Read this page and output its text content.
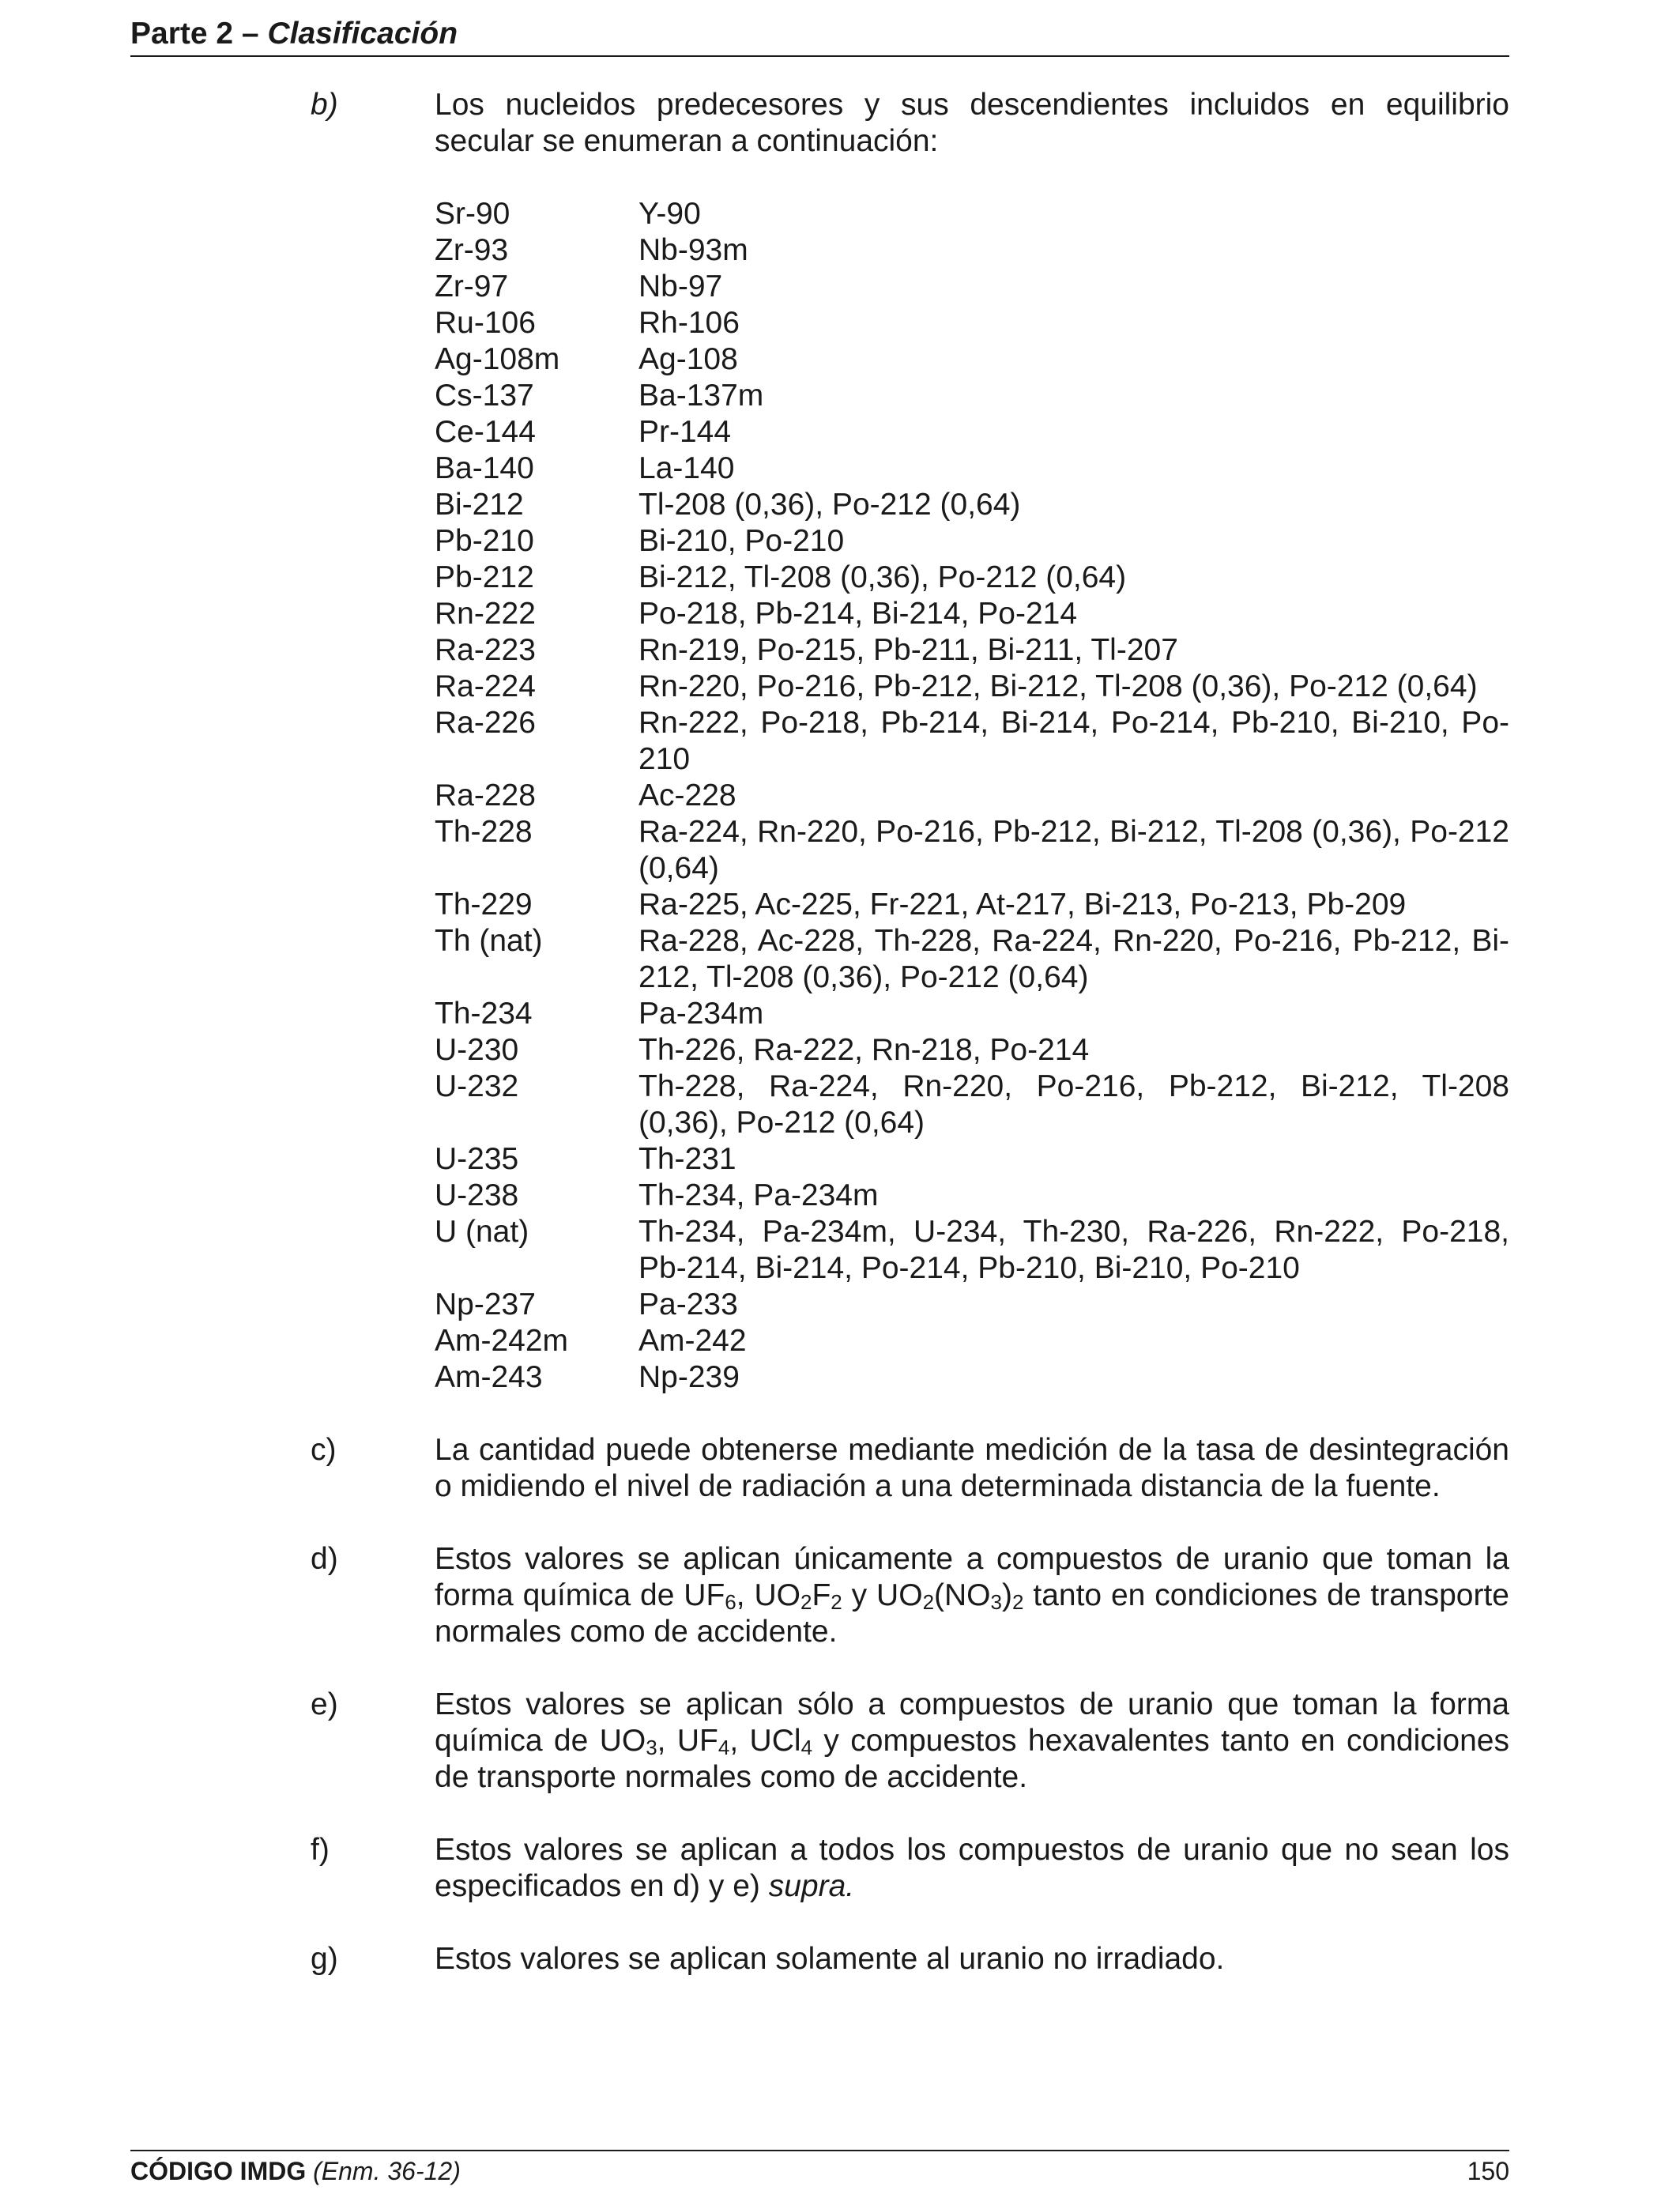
Parte 2 – Clasificación
b)	Los nucleidos predecesores y sus descendientes incluidos en equilibrio secular se enumeran a continuación:
Sr-90	Y-90
Zr-93	Nb-93m
Zr-97	Nb-97
Ru-106	Rh-106
Ag-108m	Ag-108
Cs-137	Ba-137m
Ce-144	Pr-144
Ba-140	La-140
Bi-212	Tl-208 (0,36), Po-212 (0,64)
Pb-210	Bi-210, Po-210
Pb-212	Bi-212, Tl-208 (0,36), Po-212 (0,64)
Rn-222	Po-218, Pb-214, Bi-214, Po-214
Ra-223	Rn-219, Po-215, Pb-211, Bi-211, Tl-207
Ra-224	Rn-220, Po-216, Pb-212, Bi-212, Tl-208 (0,36), Po-212 (0,64)
Ra-226	Rn-222, Po-218, Pb-214, Bi-214, Po-214, Pb-210, Bi-210, Po-210
Ra-228	Ac-228
Th-228	Ra-224, Rn-220, Po-216, Pb-212, Bi-212, Tl-208 (0,36), Po-212 (0,64)
Th-229	Ra-225, Ac-225, Fr-221, At-217, Bi-213, Po-213, Pb-209
Th (nat)	Ra-228, Ac-228, Th-228, Ra-224, Rn-220, Po-216, Pb-212, Bi-212, Tl-208 (0,36), Po-212 (0,64)
Th-234	Pa-234m
U-230	Th-226, Ra-222, Rn-218, Po-214
U-232	Th-228, Ra-224, Rn-220, Po-216, Pb-212, Bi-212, Tl-208 (0,36), Po-212 (0,64)
U-235	Th-231
U-238	Th-234, Pa-234m
U (nat)	Th-234, Pa-234m, U-234, Th-230, Ra-226, Rn-222, Po-218, Pb-214, Bi-214, Po-214, Pb-210, Bi-210, Po-210
Np-237	Pa-233
Am-242m Am-242
Am-243	Np-239
c)	La cantidad puede obtenerse mediante medición de la tasa de desintegración o midiendo el nivel de radiación a una determinada distancia de la fuente.
d)	Estos valores se aplican únicamente a compuestos de uranio que toman la forma química de $UF_6$, $UO_2F_2$ y $UO_2(NO_3)_2$ tanto en condiciones de transporte normales como de accidente.
e)	Estos valores se aplican sólo a compuestos de uranio que toman la forma química de $UO_3$, $UF_4$, UCl$_4$ y compuestos hexavalentes tanto en condiciones de transporte normales como de accidente.
f)	Estos valores se aplican a todos los compuestos de uranio que no sean los especificados en d) y e) supra.
g)	Estos valores se aplican solamente al uranio no irradiado.
CÓDIGO IMDG (Enm. 36-12)	150
